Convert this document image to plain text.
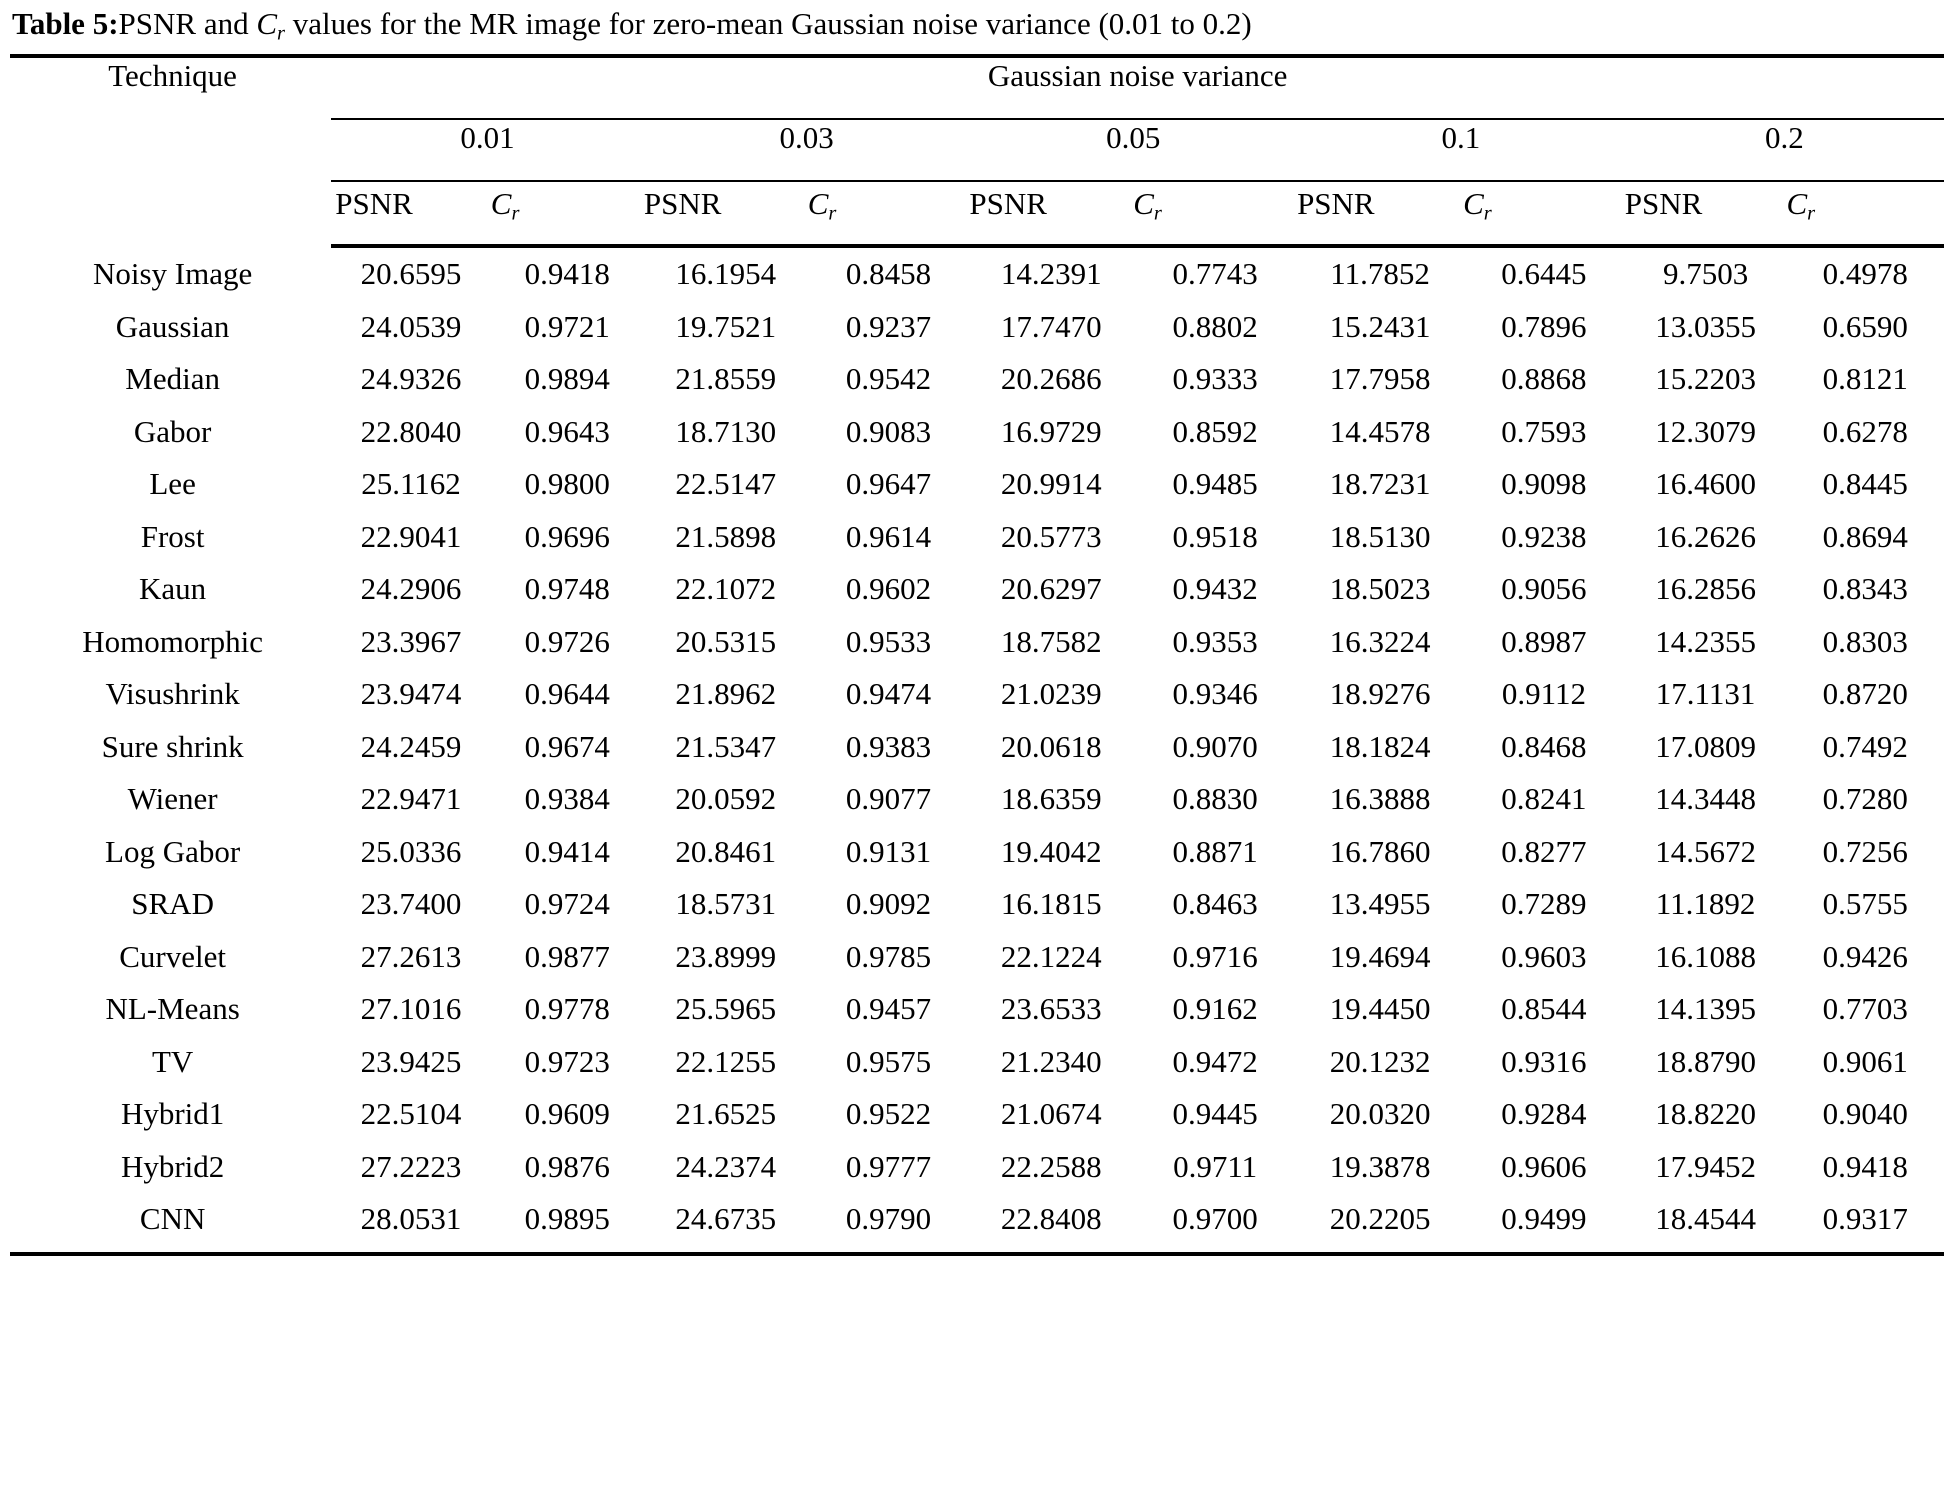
Table 5:PSNR and $C_r$ values for the MR image for zero-mean Gaussian noise variance (0.01 to 0.2)
Technique	Gaussian noise variance									
	0.01		0.03		0.05		0.1		0.2	
	PSNR	$C_r$	PSNR	$C_r$	PSNR	$C_r$	PSNR	$C_r$	PSNR	$C_r$
Noisy Image	20.6595	0.9418	16.1954	0.8458	14.2391	0.7743	11.7852	0.6445	9.7503	0.4978
Gaussian	24.0539	0.9721	19.7521	0.9237	17.7470	0.8802	15.2431	0.7896	13.0355	0.6590
Median	24.9326	0.9894	21.8559	0.9542	20.2686	0.9333	17.7958	0.8868	15.2203	0.8121
Gabor	22.8040	0.9643	18.7130	0.9083	16.9729	0.8592	14.4578	0.7593	12.3079	0.6278
Lee	25.1162	0.9800	22.5147	0.9647	20.9914	0.9485	18.7231	0.9098	16.4600	0.8445
Frost	22.9041	0.9696	21.5898	0.9614	20.5773	0.9518	18.5130	0.9238	16.2626	0.8694
Kaun	24.2906	0.9748	22.1072	0.9602	20.6297	0.9432	18.5023	0.9056	16.2856	0.8343
Homomorphic	23.3967	0.9726	20.5315	0.9533	18.7582	0.9353	16.3224	0.8987	14.2355	0.8303
Visushrink	23.9474	0.9644	21.8962	0.9474	21.0239	0.9346	18.9276	0.9112	17.1131	0.8720
Sure shrink	24.2459	0.9674	21.5347	0.9383	20.0618	0.9070	18.1824	0.8468	17.0809	0.7492
Wiener	22.9471	0.9384	20.0592	0.9077	18.6359	0.8830	16.3888	0.8241	14.3448	0.7280
Log Gabor	25.0336	0.9414	20.8461	0.9131	19.4042	0.8871	16.7860	0.8277	14.5672	0.7256
SRAD	23.7400	0.9724	18.5731	0.9092	16.1815	0.8463	13.4955	0.7289	11.1892	0.5755
Curvelet	27.2613	0.9877	23.8999	0.9785	22.1224	0.9716	19.4694	0.9603	16.1088	0.9426
NL-Means	27.1016	0.9778	25.5965	0.9457	23.6533	0.9162	19.4450	0.8544	14.1395	0.7703
TV	23.9425	0.9723	22.1255	0.9575	21.2340	0.9472	20.1232	0.9316	18.8790	0.9061
Hybrid1	22.5104	0.9609	21.6525	0.9522	21.0674	0.9445	20.0320	0.9284	18.8220	0.9040
Hybrid2	27.2223	0.9876	24.2374	0.9777	22.2588	0.9711	19.3878	0.9606	17.9452	0.9418
CNN	28.0531	0.9895	24.6735	0.9790	22.8408	0.9700	20.2205	0.9499	18.4544	0.9317
